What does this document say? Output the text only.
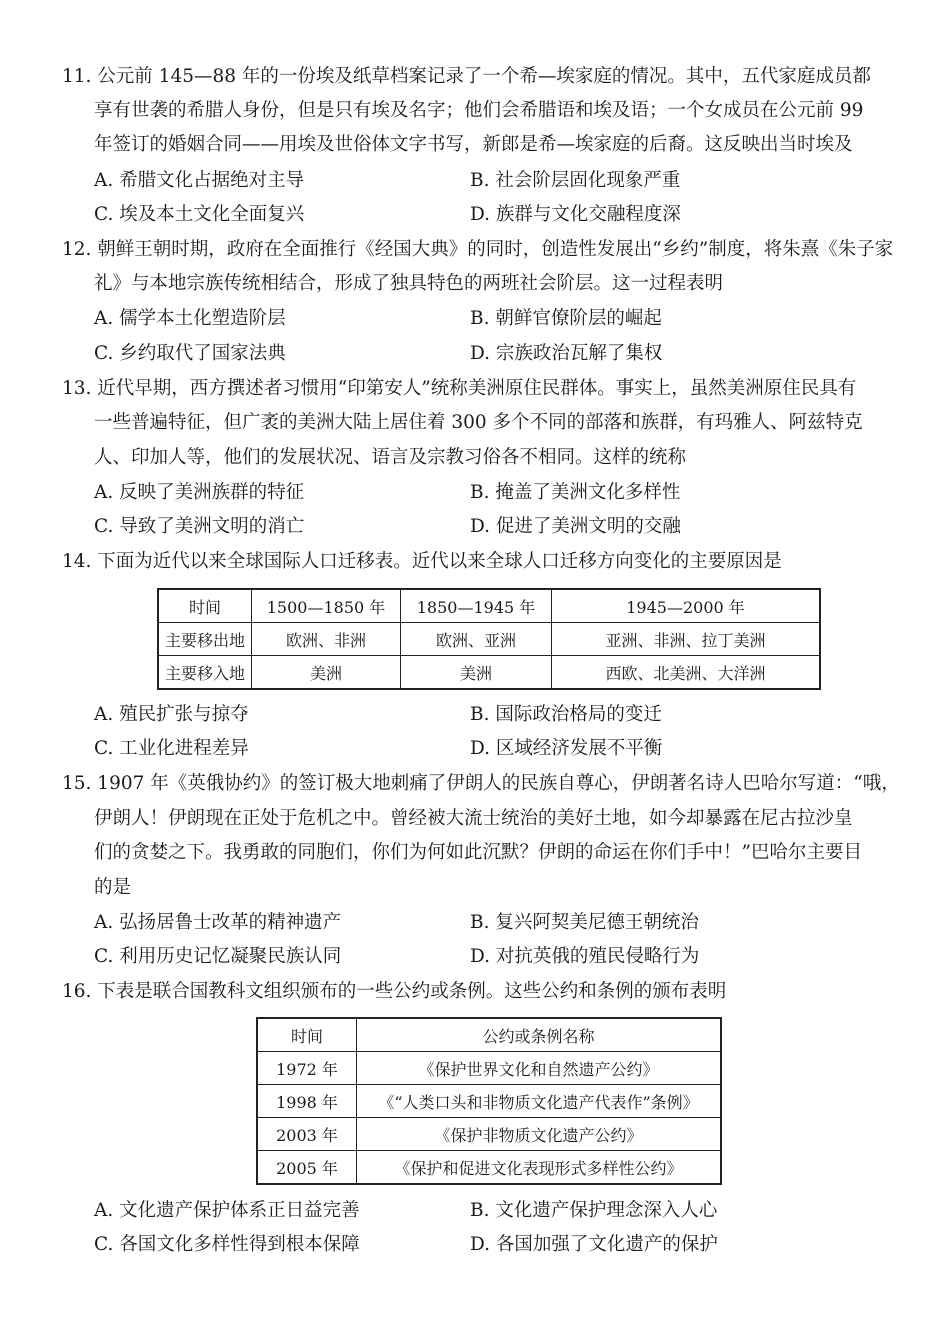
11. 公元前 145—88 年的一份埃及纸草档案记录了一个希—埃家庭的情况。其中，五代家庭成员都
享有世袭的希腊人身份，但是只有埃及名字；他们会希腊语和埃及语；一个女成员在公元前 99
年签订的婚姻合同——用埃及世俗体文字书写，新郎是希—埃家庭的后裔。这反映出当时埃及
A. 希腊文化占据绝对主导	B. 社会阶层固化现象严重
C. 埃及本土文化全面复兴	D. 族群与文化交融程度深
12. 朝鲜王朝时期，政府在全面推行《经国大典》的同时，创造性发展出“乡约”制度，将朱熹《朱子家
礼》与本地宗族传统相结合，形成了独具特色的两班社会阶层。这一过程表明
A. 儒学本土化塑造阶层	B. 朝鲜官僚阶层的崛起
C. 乡约取代了国家法典	D. 宗族政治瓦解了集权
13. 近代早期，西方撰述者习惯用“印第安人”统称美洲原住民群体。事实上，虽然美洲原住民具有
一些普遍特征，但广袤的美洲大陆上居住着 300 多个不同的部落和族群，有玛雅人、阿兹特克
人、印加人等，他们的发展状况、语言及宗教习俗各不相同。这样的统称
A. 反映了美洲族群的特征	B. 掩盖了美洲文化多样性
C. 导致了美洲文明的消亡	D. 促进了美洲文明的交融
14. 下面为近代以来全球国际人口迁移表。近代以来全球人口迁移方向变化的主要原因是
时间	1500—1850 年	1850—1945 年	1945—2000 年
主要移出地	欧洲、非洲	欧洲、亚洲	亚洲、非洲、拉丁美洲
主要移入地	美洲	美洲	西欧、北美洲、大洋洲
A. 殖民扩张与掠夺	B. 国际政治格局的变迁
C. 工业化进程差异	D. 区域经济发展不平衡
15. 1907 年《英俄协约》的签订极大地刺痛了伊朗人的民族自尊心，伊朗著名诗人巴哈尔写道：“哦，
伊朗人！伊朗现在正处于危机之中。曾经被大流士统治的美好土地，如今却暴露在尼古拉沙皇
们的贪婪之下。我勇敢的同胞们，你们为何如此沉默？伊朗的命运在你们手中！”巴哈尔主要目
的是
A. 弘扬居鲁士改革的精神遗产	B. 复兴阿契美尼德王朝统治
C. 利用历史记忆凝聚民族认同	D. 对抗英俄的殖民侵略行为
16. 下表是联合国教科文组织颁布的一些公约或条例。这些公约和条例的颁布表明
时间	公约或条例名称
1972 年	《保护世界文化和自然遗产公约》
1998 年	《“人类口头和非物质文化遗产代表作”条例》
2003 年	《保护非物质文化遗产公约》
2005 年	《保护和促进文化表现形式多样性公约》
A. 文化遗产保护体系正日益完善	B. 文化遗产保护理念深入人心
C. 各国文化多样性得到根本保障	D. 各国加强了文化遗产的保护
